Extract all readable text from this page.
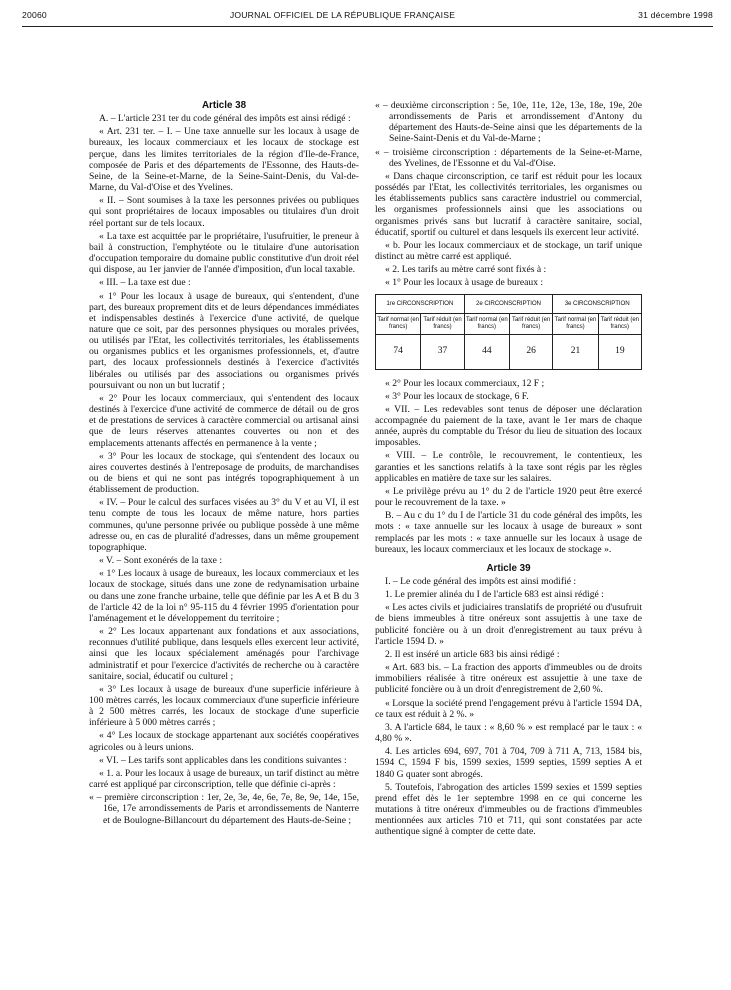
20060	JOURNAL OFFICIEL DE LA RÉPUBLIQUE FRANÇAISE	31 décembre 1998

Article 38

A. – L'article 231 ter du code général des impôts est ainsi rédigé :

« Art. 231 ter. – I. – Une taxe annuelle sur les locaux à usage de bureaux, les locaux commerciaux et les locaux de stockage est perçue, dans les limites territoriales de la région d'Ile-de-France, composée de Paris et des départements de l'Essonne, des Hauts-de-Seine, de la Seine-et-Marne, de la Seine-Saint-Denis, du Val-de-Marne, du Val-d'Oise et des Yvelines.

« II. – Sont soumises à la taxe les personnes privées ou publiques qui sont propriétaires de locaux imposables ou titulaires d'un droit réel portant sur de tels locaux.

« La taxe est acquittée par le propriétaire, l'usufruitier, le preneur à bail à construction, l'emphytéote ou le titulaire d'une autorisation d'occupation temporaire du domaine public constitutive d'un droit réel qui dispose, au 1er janvier de l'année d'imposition, d'un local taxable.

« III. – La taxe est due :

« 1° Pour les locaux à usage de bureaux, qui s'entendent, d'une part, des bureaux proprement dits et de leurs dépendances immédiates et indispensables destinés à l'exercice d'une activité, de quelque nature que ce soit, par des personnes physiques ou morales privées, ou utilisés par l'Etat, les collectivités territoriales, les établissements ou organismes publics et les organismes professionnels, et, d'autre part, des locaux professionnels destinés à l'exercice d'activités libérales ou utilisés par des associations ou organismes privés poursuivant ou non un but lucratif ;

« 2° Pour les locaux commerciaux, qui s'entendent des locaux destinés à l'exercice d'une activité de commerce de détail ou de gros et de prestations de services à caractère commercial ou artisanal ainsi que de leurs réserves attenantes couvertes ou non et des emplacements attenants affectés en permanence à la vente ;

« 3° Pour les locaux de stockage, qui s'entendent des locaux ou aires couvertes destinés à l'entreposage de produits, de marchandises ou de biens et qui ne sont pas intégrés topographiquement à un établissement de production.

« IV. – Pour le calcul des surfaces visées au 3° du V et au VI, il est tenu compte de tous les locaux de même nature, hors parties communes, qu'une personne privée ou publique possède à une même adresse ou, en cas de pluralité d'adresses, dans un même groupement topographique.

« V. – Sont exonérés de la taxe :

« 1° Les locaux à usage de bureaux, les locaux commerciaux et les locaux de stockage, situés dans une zone de redynamisation urbaine ou dans une zone franche urbaine, telle que définie par les A et B du 3 de l'article 42 de la loi n° 95-115 du 4 février 1995 d'orientation pour l'aménagement et le développement du territoire ;

« 2° Les locaux appartenant aux fondations et aux associations, reconnues d'utilité publique, dans lesquels elles exercent leur activité, ainsi que les locaux spécialement aménagés pour l'archivage administratif et pour l'exercice d'activités de recherche ou à caractère sanitaire, social, éducatif ou culturel ;

« 3° Les locaux à usage de bureaux d'une superficie inférieure à 100 mètres carrés, les locaux commerciaux d'une superficie inférieure à 2 500 mètres carrés, les locaux de stockage d'une superficie inférieure à 5 000 mètres carrés ;

« 4° Les locaux de stockage appartenant aux sociétés coopératives agricoles ou à leurs unions.

« VI. – Les tarifs sont applicables dans les conditions suivantes :

« 1. a. Pour les locaux à usage de bureaux, un tarif distinct au mètre carré est appliqué par circonscription, telle que définie ci-après :

« – première circonscription : 1er, 2e, 3e, 4e, 6e, 7e, 8e, 9e, 14e, 15e, 16e, 17e arrondissements de Paris et arrondissements de Nanterre et de Boulogne-Billancourt du département des Hauts-de-Seine ;

« – deuxième circonscription : 5e, 10e, 11e, 12e, 13e, 18e, 19e, 20e arrondissements de Paris et arrondissement d'Antony du département des Hauts-de-Seine ainsi que les départements de la Seine-Saint-Denis et du Val-de-Marne ;

« – troisième circonscription : départements de la Seine-et-Marne, des Yvelines, de l'Essonne et du Val-d'Oise.

« Dans chaque circonscription, ce tarif est réduit pour les locaux possédés par l'Etat, les collectivités territoriales, les organismes ou les établissements publics sans caractère industriel ou commercial, les organismes professionnels ainsi que les associations ou organismes privés sans but lucratif à caractère sanitaire, social, éducatif, sportif ou culturel et dans lesquels ils exercent leur activité.

« b. Pour les locaux commerciaux et de stockage, un tarif unique distinct au mètre carré est appliqué.

« 2. Les tarifs au mètre carré sont fixés à :

« 1° Pour les locaux à usage de bureaux :

1re CIRCONSCRIPTION		2e CIRCONSCRIPTION		3e CIRCONSCRIPTION	
Tarif normal (en francs)	Tarif réduit (en francs)	Tarif normal (en francs)	Tarif réduit (en francs)	Tarif normal (en francs)	Tarif réduit (en francs)
74	37	44	26	21	19

« 2° Pour les locaux commerciaux, 12 F ;

« 3° Pour les locaux de stockage, 6 F.

« VII. – Les redevables sont tenus de déposer une déclaration accompagnée du paiement de la taxe, avant le 1er mars de chaque année, auprès du comptable du Trésor du lieu de situation des locaux imposables.

« VIII. – Le contrôle, le recouvrement, le contentieux, les garanties et les sanctions relatifs à la taxe sont régis par les règles applicables en matière de taxe sur les salaires.

« Le privilège prévu au 1° du 2 de l'article 1920 peut être exercé pour le recouvrement de la taxe. »

B. – Au c du 1° du I de l'article 31 du code général des impôts, les mots : « taxe annuelle sur les locaux à usage de bureaux » sont remplacés par les mots : « taxe annuelle sur les locaux à usage de bureaux, les locaux commerciaux et les locaux de stockage ».

Article 39

I. – Le code général des impôts est ainsi modifié :

1. Le premier alinéa du I de l'article 683 est ainsi rédigé :

« Les actes civils et judiciaires translatifs de propriété ou d'usufruit de biens immeubles à titre onéreux sont assujettis à une taxe de publicité foncière ou à un droit d'enregistrement au taux prévu à l'article 1594 D. »

2. Il est inséré un article 683 bis ainsi rédigé :

« Art. 683 bis. – La fraction des apports d'immeubles ou de droits immobiliers réalisée à titre onéreux est assujettie à une taxe de publicité foncière ou à un droit d'enregistrement de 2,60 %.

« Lorsque la société prend l'engagement prévu à l'article 1594 DA, ce taux est réduit à 2 %. »

3. A l'article 684, le taux : « 8,60 % » est remplacé par le taux : « 4,80 % ».

4. Les articles 694, 697, 701 à 704, 709 à 711 A, 713, 1584 bis, 1594 C, 1594 F bis, 1599 sexies, 1599 septies, 1599 septies A et 1840 G quater sont abrogés.

5. Toutefois, l'abrogation des articles 1599 sexies et 1599 septies prend effet dès le 1er septembre 1998 en ce qui concerne les mutations à titre onéreux d'immeubles ou de fractions d'immeubles mentionnées aux articles 710 et 711, qui sont constatées par acte authentique signé à compter de cette date.
